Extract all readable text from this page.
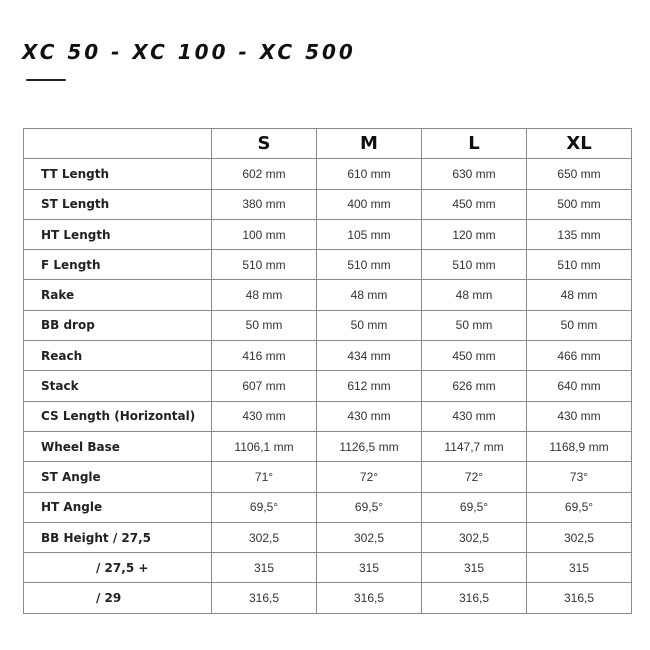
XC 50 - XC 100 - XC 500
	S	M	L	XL
TT Length	602 mm	610 mm	630 mm	650 mm
ST Length	380 mm	400 mm	450 mm	500 mm
HT Length	100 mm	105 mm	120 mm	135 mm
F Length	510 mm	510 mm	510 mm	510 mm
Rake	48 mm	48 mm	48 mm	48 mm
BB drop	50 mm	50 mm	50 mm	50 mm
Reach	416 mm	434 mm	450 mm	466 mm
Stack	607 mm	612 mm	626 mm	640 mm
CS Length (Horizontal)	430 mm	430 mm	430 mm	430 mm
Wheel Base	1106,1 mm	1126,5 mm	1147,7 mm	1168,9 mm
ST Angle	71°	72°	72°	73°
HT Angle	69,5°	69,5°	69,5°	69,5°
BB Height / 27,5	302,5	302,5	302,5	302,5
/ 27,5 +	315	315	315	315
/ 29	316,5	316,5	316,5	316,5
